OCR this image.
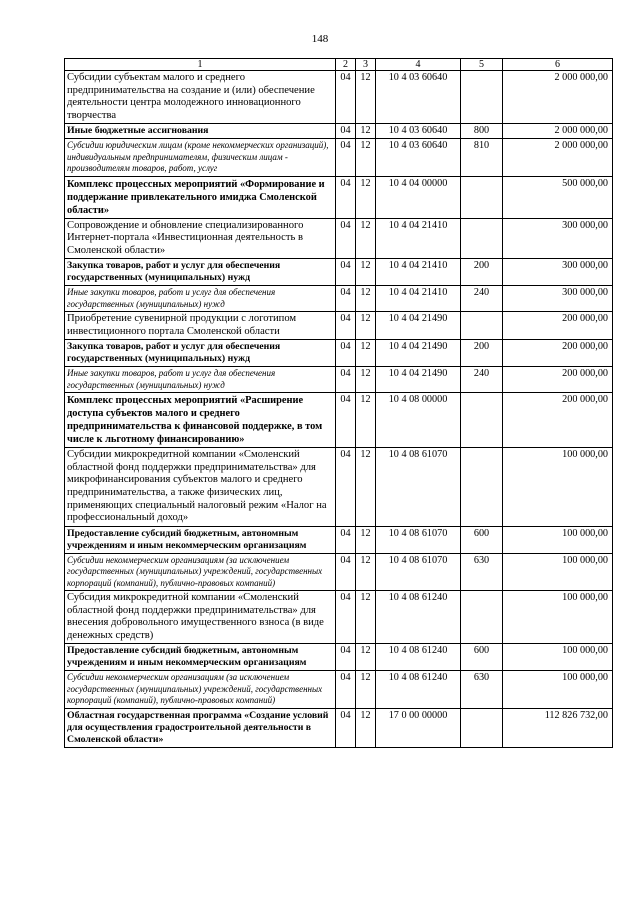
148
1	2	3	4	5	6
Субсидии субъектам малого и среднего предпринимательства на создание и (или) обеспечение деятельности центра молодежного инновационного творчества	04	12	10 4 03 60640		2 000 000,00
Иные бюджетные ассигнования	04	12	10 4 03 60640	800	2 000 000,00
Субсидии юридическим лицам (кроме некоммерческих организаций), индивидуальным предпринимателям, физическим лицам - производителям товаров, работ, услуг	04	12	10 4 03 60640	810	2 000 000,00
Комплекс процессных мероприятий «Формирование и поддержание привлекательного имиджа Смоленской области»	04	12	10 4 04 00000		500 000,00
Сопровождение и обновление специализированного Интернет-портала «Инвестиционная деятельность в Смоленской области»	04	12	10 4 04 21410		300 000,00
Закупка товаров, работ и услуг для обеспечения государственных (муниципальных) нужд	04	12	10 4 04 21410	200	300 000,00
Иные закупки товаров, работ и услуг для обеспечения государственных (муниципальных) нужд	04	12	10 4 04 21410	240	300 000,00
Приобретение сувенирной продукции с логотипом инвестиционного портала Смоленской области	04	12	10 4 04 21490		200 000,00
Закупка товаров, работ и услуг для обеспечения государственных (муниципальных) нужд	04	12	10 4 04 21490	200	200 000,00
Иные закупки товаров, работ и услуг для обеспечения государственных (муниципальных) нужд	04	12	10 4 04 21490	240	200 000,00
Комплекс процессных мероприятий «Расширение доступа субъектов малого и среднего предпринимательства к финансовой поддержке, в том числе к льготному финансированию»	04	12	10 4 08 00000		200 000,00
Субсидии микрокредитной компании «Смоленский областной фонд поддержки предпринимательства» для микрофинансирования субъектов малого и среднего предпринимательства, а также физических лиц, применяющих специальный налоговый режим «Налог на профессиональный доход»	04	12	10 4 08 61070		100 000,00
Предоставление субсидий бюджетным, автономным учреждениям и иным некоммерческим организациям	04	12	10 4 08 61070	600	100 000,00
Субсидии некоммерческим организациям (за исключением государственных (муниципальных) учреждений, государственных корпораций (компаний), публично-правовых компаний)	04	12	10 4 08 61070	630	100 000,00
Субсидия микрокредитной компании «Смоленский областной фонд поддержки предпринимательства» для внесения добровольного имущественного взноса (в виде денежных средств)	04	12	10 4 08 61240		100 000,00
Предоставление субсидий бюджетным, автономным учреждениям и иным некоммерческим организациям	04	12	10 4 08 61240	600	100 000,00
Субсидии некоммерческим организациям (за исключением государственных (муниципальных) учреждений, государственных корпораций (компаний), публично-правовых компаний)	04	12	10 4 08 61240	630	100 000,00
Областная государственная программа «Создание условий для осуществления градостроительной деятельности в Смоленской области»	04	12	17 0 00 00000		112 826 732,00
